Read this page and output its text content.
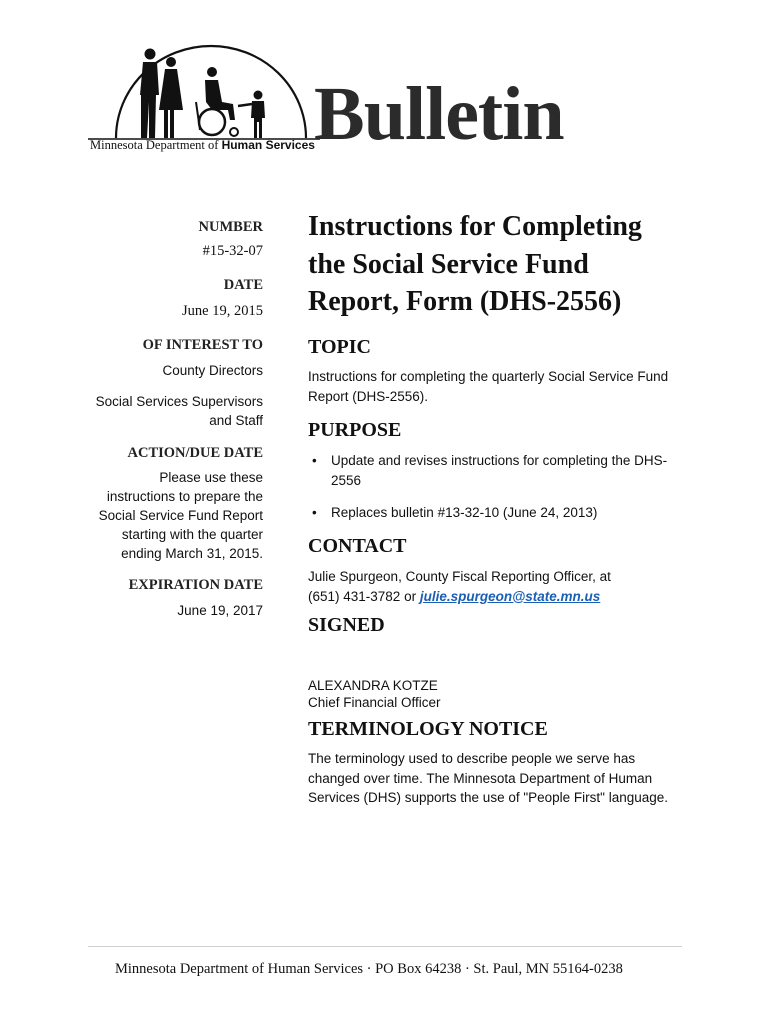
Minnesota Department of Human Services Bulletin
NUMBER
#15-32-07
DATE
June 19, 2015
OF INTEREST TO
County Directors
Social Services Supervisors
and Staff
ACTION/DUE DATE
Please use these
instructions to prepare the
Social Service Fund Report
starting with the quarter
ending March 31, 2015.
EXPIRATION DATE
June 19, 2017
Instructions for Completing
the Social Service Fund
Report, Form (DHS-2556)
TOPIC
Instructions for completing the quarterly Social Service Fund
Report (DHS-2556).
PURPOSE
• Update and revises instructions for completing the DHS-
2556
• Replaces bulletin #13-32-10 (June 24, 2013)
CONTACT
Julie Spurgeon, County Fiscal Reporting Officer, at
(651) 431-3782 or julie.spurgeon@state.mn.us
SIGNED
ALEXANDRA KOTZE
Chief Financial Officer
TERMINOLOGY NOTICE
The terminology used to describe people we serve has
changed over time. The Minnesota Department of Human
Services (DHS) supports the use of "People First" language.
Minnesota Department of Human Services · PO Box 64238 · St. Paul, MN 55164-0238
